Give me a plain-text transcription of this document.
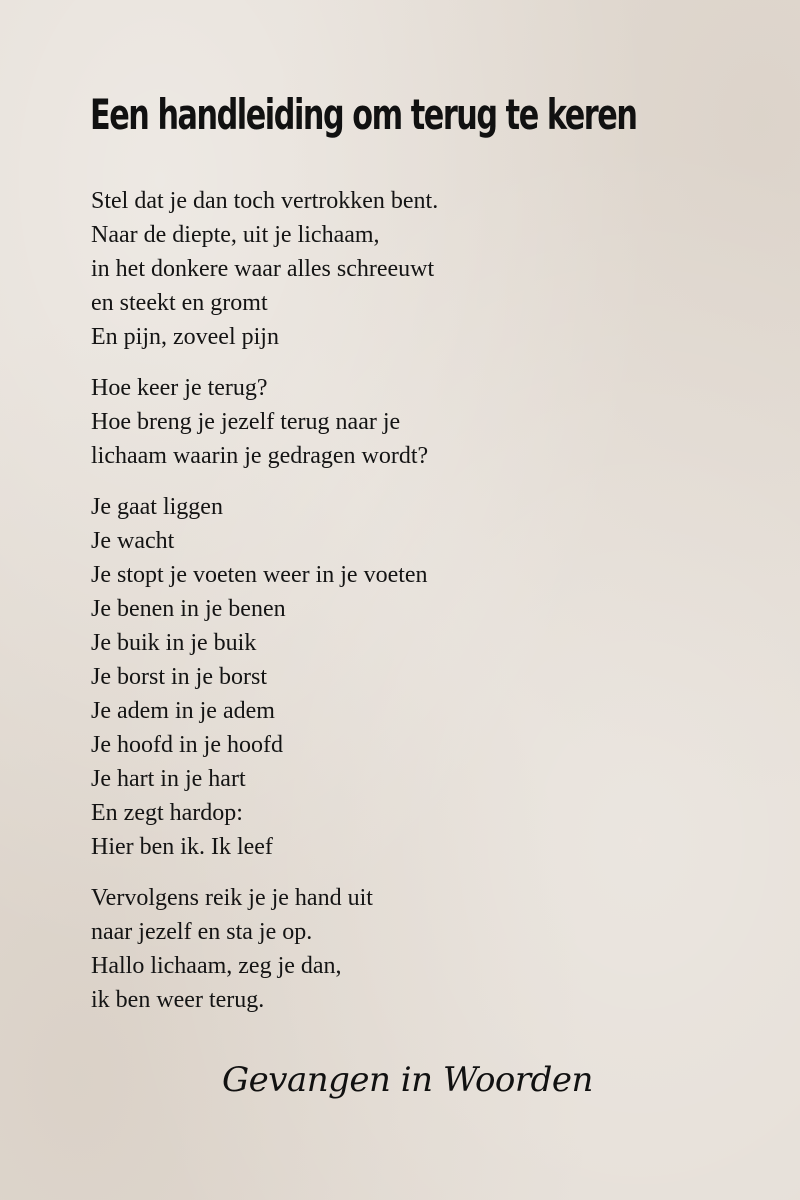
Een handleiding om terug te keren
Stel dat je dan toch vertrokken bent.
Naar de diepte, uit je lichaam,
in het donkere waar alles schreeuwt
en steekt en gromt
En pijn, zoveel pijn
Hoe keer je terug?
Hoe breng je jezelf terug naar je
lichaam waarin je gedragen wordt?
Je gaat liggen
Je wacht
Je stopt je voeten weer in je voeten
Je benen in je benen
Je buik in je buik
Je borst in je borst
Je adem in je adem
Je hoofd in je hoofd
Je hart in je hart
En zegt hardop:
Hier ben ik. Ik leef
Vervolgens reik je je hand uit
naar jezelf en sta je op.
Hallo lichaam, zeg je dan,
ik ben weer terug.
Gevangen in Woorden
